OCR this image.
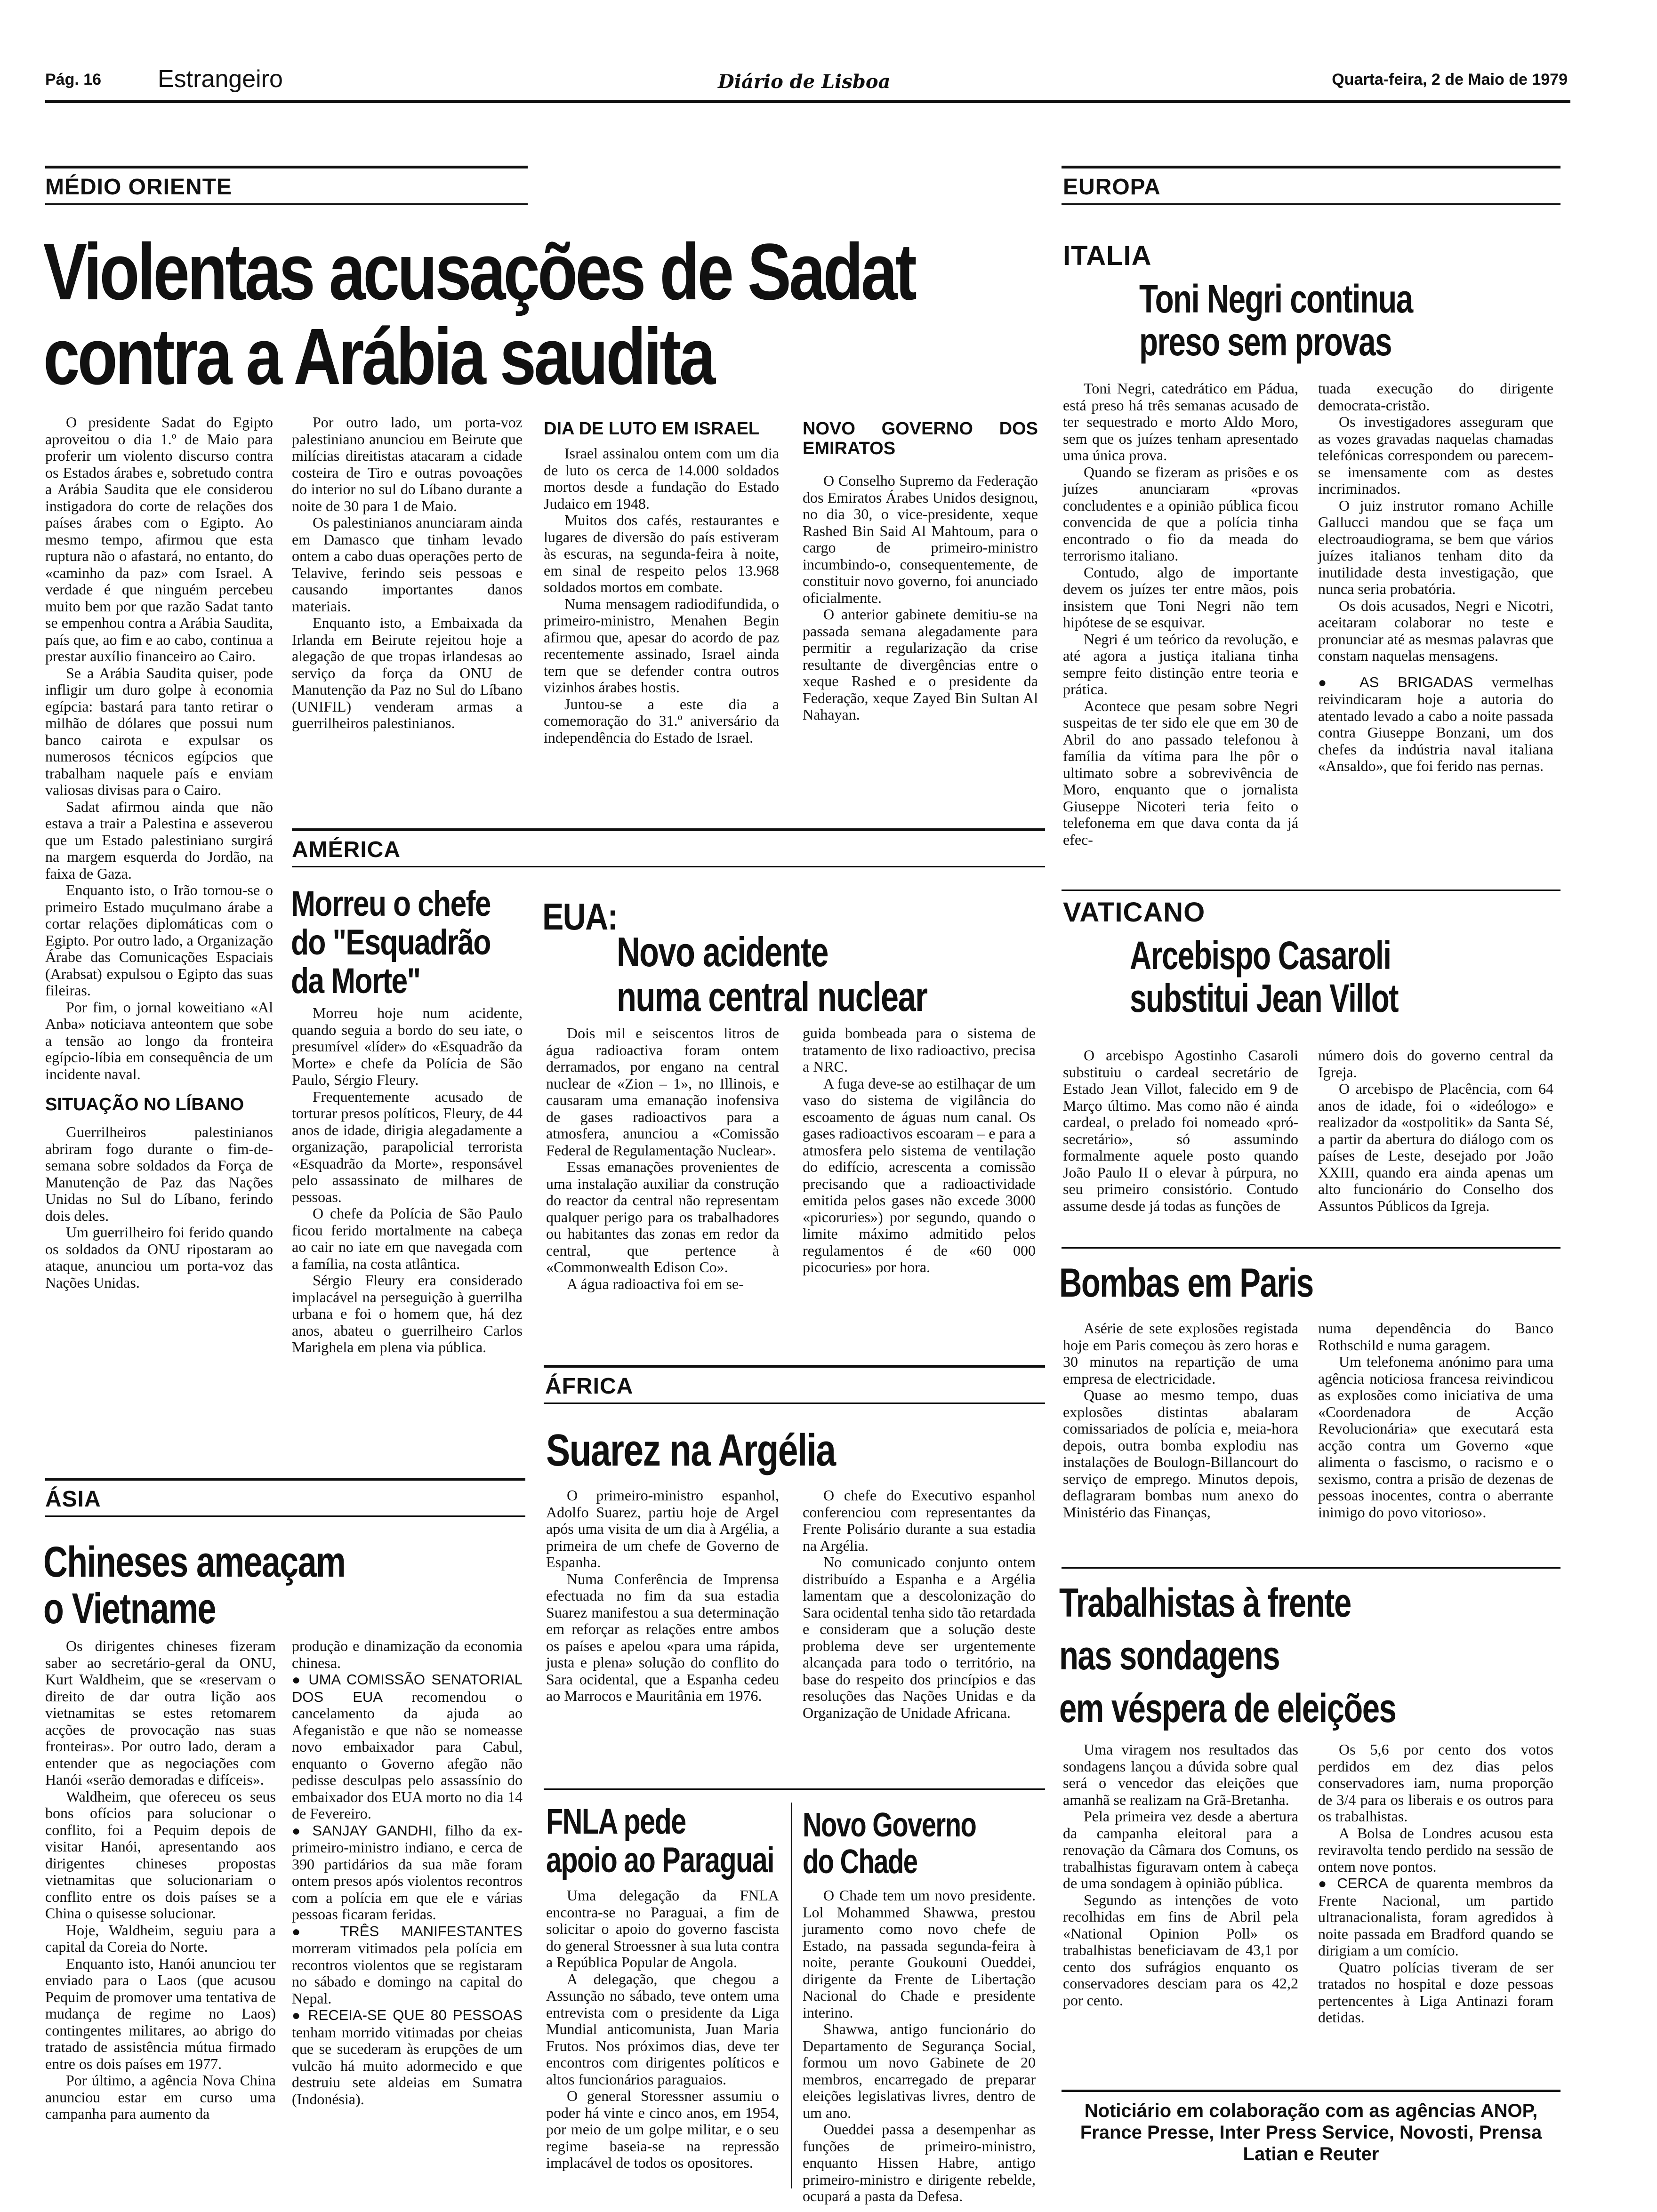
Pág. 16 Estrangeiro	Diário de Lisboa	Quarta-feira, 2 de Maio de 1979
MÉDIO ORIENTE
Violentas acusações de Sadat
contra a Arábia saudita

O presidente Sadat do Egipto aproveitou o dia 1.º de Maio para proferir um violento discurso contra os Estados árabes e, sobretudo contra a Arábia Saudita que ele considerou instigadora do corte de relações dos países árabes com o Egipto. Ao mesmo tempo, afirmou que esta ruptura não o afastará, no entanto, do «caminho da paz» com Israel. A verdade é que ninguém percebeu muito bem por que razão Sadat tanto se empenhou contra a Arábia Saudita, país que, ao fim e ao cabo, continua a prestar auxílio financeiro ao Cairo.

Se a Arábia Saudita quiser, pode infligir um duro golpe à economia egípcia: bastará para tanto retirar o milhão de dólares que possui num banco cairota e expulsar os numerosos técnicos egípcios que trabalham naquele país e enviam valiosas divisas para o Cairo.

Sadat afirmou ainda que não estava a trair a Palestina e asseverou que um Estado palestiniano surgirá na margem esquerda do Jordão, na faixa de Gaza.

Enquanto isto, o Irão tornou-se o primeiro Estado muçulmano árabe a cortar relações diplomáticas com o Egipto. Por outro lado, a Organização Árabe das Comunicações Espaciais (Arabsat) expulsou o Egipto das suas fileiras.

Por fim, o jornal koweitiano «Al Anba» noticiava anteontem que sobe a tensão ao longo da fronteira egípcio-líbia em consequência de um incidente naval.

SITUAÇÃO NO LÍBANO

Guerrilheiros palestinianos abriram fogo durante o fim-de-semana sobre soldados da Força de Manutenção de Paz das Nações Unidas no Sul do Líbano, ferindo dois deles.

Um guerrilheiro foi ferido quando os soldados da ONU ripostaram ao ataque, anunciou um porta-voz das Nações Unidas.

Por outro lado, um porta-voz palestiniano anunciou em Beirute que milícias direitistas atacaram a cidade costeira de Tiro e outras povoações do interior no sul do Líbano durante a noite de 30 para 1 de Maio.

Os palestinianos anunciaram ainda em Damasco que tinham levado ontem a cabo duas operações perto de Telavive, ferindo seis pessoas e causando importantes danos materiais.

Enquanto isto, a Embaixada da Irlanda em Beirute rejeitou hoje a alegação de que tropas irlandesas ao serviço da força da ONU de Manutenção da Paz no Sul do Líbano (UNIFIL) venderam armas a guerrilheiros palestinianos.

DIA DE LUTO EM ISRAEL

Israel assinalou ontem com um dia de luto os cerca de 14.000 soldados mortos desde a fundação do Estado Judaico em 1948.

Muitos dos cafés, restaurantes e lugares de diversão do país estiveram às escuras, na segunda-feira à noite, em sinal de respeito pelos 13.968 soldados mortos em combate.

Numa mensagem radiodifundida, o primeiro-ministro, Menahen Begin afirmou que, apesar do acordo de paz recentemente assinado, Israel ainda tem que se defender contra outros vizinhos árabes hostis.

Juntou-se a este dia a comemoração do 31.º aniversário da independência do Estado de Israel.

NOVO GOVERNO DOS EMIRATOS

O Conselho Supremo da Federação dos Emiratos Árabes Unidos designou, no dia 30, o vice-presidente, xeque Rashed Bin Said Al Mahtoum, para o cargo de primeiro-ministro incumbindo-o, consequentemente, de constituir novo governo, foi anunciado oficialmente.

O anterior gabinete demitiu-se na passada semana alegadamente para permitir a regularização da crise resultante de divergências entre o xeque Rashed e o presidente da Federação, xeque Zayed Bin Sultan Al Nahayan.

AMÉRICA
Morreu o chefe
do "Esquadrão
da Morte"

Morreu hoje num acidente, quando seguia a bordo do seu iate, o presumível «líder» do «Esquadrão da Morte» e chefe da Polícia de São Paulo, Sérgio Fleury.

Frequentemente acusado de torturar presos políticos, Fleury, de 44 anos de idade, dirigia alegadamente a organização, parapolicial terrorista «Esquadrão da Morte», responsável pelo assassinato de milhares de pessoas.

O chefe da Polícia de São Paulo ficou ferido mortalmente na cabeça ao cair no iate em que navegada com a família, na costa atlântica.

Sérgio Fleury era considerado implacável na perseguição à guerrilha urbana e foi o homem que, há dez anos, abateu o guerrilheiro Carlos Marighela em plena via pública.

EUA:
Novo acidente
numa central nuclear

Dois mil e seiscentos litros de água radioactiva foram ontem derramados, por engano na central nuclear de «Zion – 1», no Illinois, e causaram uma emanação inofensiva de gases radioactivos para a atmosfera, anunciou a «Comissão Federal de Regulamentação Nuclear».

Essas emanações provenientes de uma instalação auxiliar da construção do reactor da central não representam qualquer perigo para os trabalhadores ou habitantes das zonas em redor da central, que pertence à «Commonwealth Edison Co».

A água radioactiva foi em se-

guida bombeada para o sistema de tratamento de lixo radioactivo, precisa a NRC.

A fuga deve-se ao estilhaçar de um vaso do sistema de vigilância do escoamento de águas num canal. Os gases radioactivos escoaram – e para a atmosfera pelo sistema de ventilação do edifício, acrescenta a comissão precisando que a radioactividade emitida pelos gases não excede 3000 «picoruries») por segundo, quando o limite máximo admitido pelos regulamentos é de «60 000 picocuries» por hora.

ÁFRICA
Suarez na Argélia

O primeiro-ministro espanhol, Adolfo Suarez, partiu hoje de Argel após uma visita de um dia à Argélia, a primeira de um chefe de Governo de Espanha.

Numa Conferência de Imprensa efectuada no fim da sua estadia Suarez manifestou a sua determinação em reforçar as relações entre ambos os países e apelou «para uma rápida, justa e plena» solução do conflito do Sara ocidental, que a Espanha cedeu ao Marrocos e Mauritânia em 1976.

O chefe do Executivo espanhol conferenciou com representantes da Frente Polisário durante a sua estadia na Argélia.

No comunicado conjunto ontem distribuído a Espanha e a Argélia lamentam que a descolonização do Sara ocidental tenha sido tão retardada e consideram que a solução deste problema deve ser urgentemente alcançada para todo o território, na base do respeito dos princípios e das resoluções das Nações Unidas e da Organização de Unidade Africana.

FNLA pede
apoio ao Paraguai

Uma delegação da FNLA encontra-se no Paraguai, a fim de solicitar o apoio do governo fascista do general Stroessner à sua luta contra a República Popular de Angola.

A delegação, que chegou a Assunção no sábado, teve ontem uma entrevista com o presidente da Liga Mundial anticomunista, Juan Maria Frutos. Nos próximos dias, deve ter encontros com dirigentes políticos e altos funcionários paraguaios.

O general Storessner assumiu o poder há vinte e cinco anos, em 1954, por meio de um golpe militar, e o seu regime baseia-se na repressão implacável de todos os opositores.

Novo Governo
do Chade

O Chade tem um novo presidente. Lol Mohammed Shawwa, prestou juramento como novo chefe de Estado, na passada segunda-feira à noite, perante Goukouni Oueddei, dirigente da Frente de Libertação Nacional do Chade e presidente interino.

Shawwa, antigo funcionário do Departamento de Segurança Social, formou um novo Gabinete de 20 membros, encarregado de preparar eleições legislativas livres, dentro de um ano.

Oueddei passa a desempenhar as funções de primeiro-ministro, enquanto Hissen Habre, antigo primeiro-ministro e dirigente rebelde, ocupará a pasta da Defesa.

ÁSIA
Chineses ameaçam
o Vietname

Os dirigentes chineses fizeram saber ao secretário-geral da ONU, Kurt Waldheim, que se «reservam o direito de dar outra lição aos vietnamitas se estes retomarem acções de provocação nas suas fronteiras». Por outro lado, deram a entender que as negociações com Hanói «serão demoradas e difíceis».

Waldheim, que ofereceu os seus bons ofícios para solucionar o conflito, foi a Pequim depois de visitar Hanói, apresentando aos dirigentes chineses propostas vietnamitas que solucionariam o conflito entre os dois países se a China o quisesse solucionar.

Hoje, Waldheim, seguiu para a capital da Coreia do Norte.

Enquanto isto, Hanói anunciou ter enviado para o Laos (que acusou Pequim de promover uma tentativa de mudança de regime no Laos) contingentes militares, ao abrigo do tratado de assistência mútua firmado entre os dois países em 1977.

Por último, a agência Nova China anunciou estar em curso uma campanha para aumento da

produção e dinamização da economia chinesa.

● UMA COMISSÃO SENATORIAL DOS EUA recomendou o cancelamento da ajuda ao Afeganistão e que não se nomeasse novo embaixador para Cabul, enquanto o Governo afegão não pedisse desculpas pelo assassínio do embaixador dos EUA morto no dia 14 de Fevereiro.

● SANJAY GANDHI, filho da ex-primeiro-ministro indiano, e cerca de 390 partidários da sua mãe foram ontem presos após violentos recontros com a polícia em que ele e várias pessoas ficaram feridas.

● TRÊS MANIFESTANTES morreram vitimados pela polícia em recontros violentos que se registaram no sábado e domingo na capital do Nepal.

● RECEIA-SE QUE 80 PESSOAS tenham morrido vitimadas por cheias que se sucederam às erupções de um vulcão há muito adormecido e que destruiu sete aldeias em Sumatra (Indonésia).

EUROPA
ITALIA
Toni Negri continua
preso sem provas

Toni Negri, catedrático em Pádua, está preso há três semanas acusado de ter sequestrado e morto Aldo Moro, sem que os juízes tenham apresentado uma única prova.

Quando se fizeram as prisões e os juízes anunciaram «provas concludentes e a opinião pública ficou convencida de que a polícia tinha encontrado o fio da meada do terrorismo italiano.

Contudo, algo de importante devem os juízes ter entre mãos, pois insistem que Toni Negri não tem hipótese de se esquivar.

Negri é um teórico da revolução, e até agora a justiça italiana tinha sempre feito distinção entre teoria e prática.

Acontece que pesam sobre Negri suspeitas de ter sido ele que em 30 de Abril do ano passado telefonou à família da vítima para lhe pôr o ultimato sobre a sobrevivência de Moro, enquanto que o jornalista Giuseppe Nicoteri teria feito o telefonema em que dava conta da já efec-

tuada execução do dirigente democrata-cristão.

Os investigadores asseguram que as vozes gravadas naquelas chamadas telefónicas correspondem ou parecem-se imensamente com as destes incriminados.

O juiz instrutor romano Achille Gallucci mandou que se faça um electroaudiograma, se bem que vários juízes italianos tenham dito da inutilidade desta investigação, que nunca seria probatória.

Os dois acusados, Negri e Nicotri, aceitaram colaborar no teste e pronunciar até as mesmas palavras que constam naquelas mensagens.

● AS BRIGADAS vermelhas reivindicaram hoje a autoria do atentado levado a cabo a noite passada contra Giuseppe Bonzani, um dos chefes da indústria naval italiana «Ansaldo», que foi ferido nas pernas.

VATICANO
Arcebispo Casaroli
substitui Jean Villot

O arcebispo Agostinho Casaroli substituiu o cardeal secretário de Estado Jean Villot, falecido em 9 de Março último. Mas como não é ainda cardeal, o prelado foi nomeado «pró-secretário», só assumindo formalmente aquele posto quando João Paulo II o elevar à púrpura, no seu primeiro consistório. Contudo assume desde já todas as funções de

número dois do governo central da Igreja.

O arcebispo de Placência, com 64 anos de idade, foi o «ideólogo» e realizador da «ostpolitik» da Santa Sé, a partir da abertura do diálogo com os países de Leste, desejado por João XXIII, quando era ainda apenas um alto funcionário do Conselho dos Assuntos Públicos da Igreja.

Bombas em Paris

Asérie de sete explosões registada hoje em Paris começou às zero horas e 30 minutos na repartição de uma empresa de electricidade.

Quase ao mesmo tempo, duas explosões distintas abalaram comissariados de polícia e, meia-hora depois, outra bomba explodiu nas instalações de Boulogn-Billancourt do serviço de emprego. Minutos depois, deflagraram bombas num anexo do Ministério das Finanças,

numa dependência do Banco Rothschild e numa garagem.

Um telefonema anónimo para uma agência noticiosa francesa reivindicou as explosões como iniciativa de uma «Coordenadora de Acção Revolucionária» que executará esta acção contra um Governo «que alimenta o fascismo, o racismo e o sexismo, contra a prisão de dezenas de pessoas inocentes, contra o aberrante inimigo do povo vitorioso».

Trabalhistas à frente
nas sondagens
em véspera de eleições

Uma viragem nos resultados das sondagens lançou a dúvida sobre qual será o vencedor das eleições que amanhã se realizam na Grã-Bretanha.

Pela primeira vez desde a abertura da campanha eleitoral para a renovação da Câmara dos Comuns, os trabalhistas figuravam ontem à cabeça de uma sondagem à opinião pública.

Segundo as intenções de voto recolhidas em fins de Abril pela «National Opinion Poll» os trabalhistas beneficiavam de 43,1 por cento dos sufrágios enquanto os conservadores desciam para os 42,2 por cento.

Os 5,6 por cento dos votos perdidos em dez dias pelos conservadores iam, numa proporção de 3/4 para os liberais e os outros para os trabalhistas.

A Bolsa de Londres acusou esta reviravolta tendo perdido na sessão de ontem nove pontos.

● CERCA de quarenta membros da Frente Nacional, um partido ultranacionalista, foram agredidos à noite passada em Bradford quando se dirigiam a um comício.

Quatro polícias tiveram de ser tratados no hospital e doze pessoas pertencentes à Liga Antinazi foram detidas.

Noticiário em colaboração com as agências ANOP, France Presse, Inter Press Service, Novosti, Prensa Latian e Reuter
